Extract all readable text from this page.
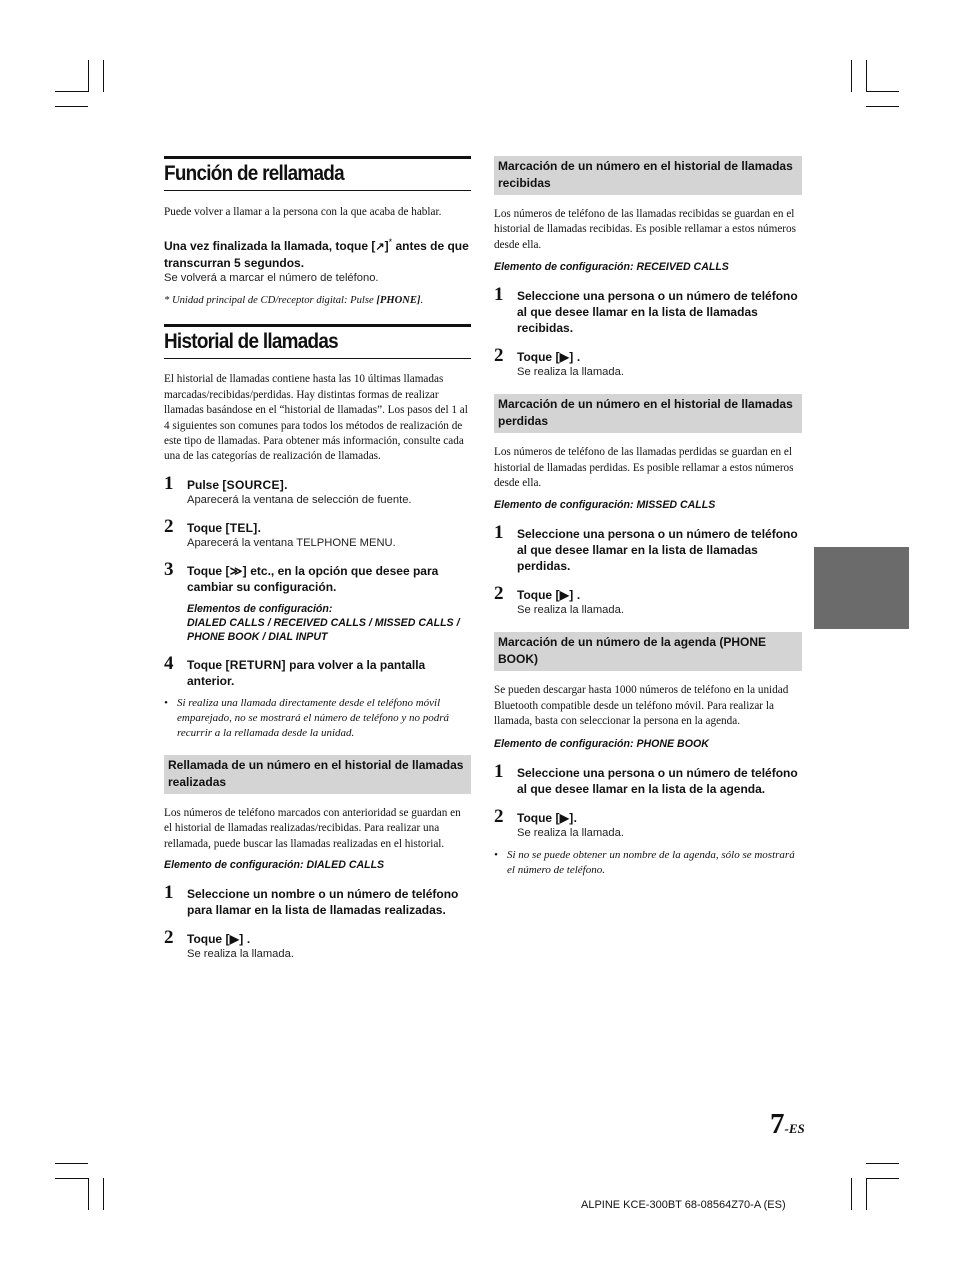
Función de rellamada

Puede volver a llamar a la persona con la que acaba de hablar.

Una vez finalizada la llamada, toque [↗]* antes de que transcurran 5 segundos.
Se volverá a marcar el número de teléfono.
* Unidad principal de CD/receptor digital: Pulse [PHONE].
Historial de llamadas

El historial de llamadas contiene hasta las 10 últimas llamadas marcadas/recibidas/perdidas. Hay distintas formas de realizar llamadas basándose en el “historial de llamadas”. Los pasos del 1 al 4 siguientes son comunes para todos los métodos de realización de este tipo de llamadas. Para obtener más información, consulte cada una de las categorías de realización de llamadas.

1 Pulse [SOURCE].
Aparecerá la ventana de selección de fuente.
2 Toque [TEL].
Aparecerá la ventana TELPHONE MENU.
3 Toque [≫] etc., en la opción que desee para cambiar su configuración.
Elementos de configuración:
DIALED CALLS / RECEIVED CALLS / MISSED CALLS / PHONE BOOK / DIAL INPUT
4 Toque [RETURN] para volver a la pantalla anterior.
• Si realiza una llamada directamente desde el teléfono móvil emparejado, no se mostrará el número de teléfono y no podrá recurrir a la rellamada desde la unidad.
Rellamada de un número en el historial de llamadas realizadas

Los números de teléfono marcados con anterioridad se guardan en el historial de llamadas realizadas/recibidas. Para realizar una rellamada, puede buscar las llamadas realizadas en el historial.

Elemento de configuración: DIALED CALLS
1 Seleccione un nombre o un número de teléfono para llamar en la lista de llamadas realizadas.
2 Toque [▶] .
Se realiza la llamada.
Marcación de un número en el historial de llamadas recibidas

Los números de teléfono de las llamadas recibidas se guardan en el historial de llamadas recibidas. Es posible rellamar a estos números desde ella.

Elemento de configuración: RECEIVED CALLS
1 Seleccione una persona o un número de teléfono al que desee llamar en la lista de llamadas recibidas.
2 Toque [▶] .
Se realiza la llamada.
Marcación de un número en el historial de llamadas perdidas

Los números de teléfono de las llamadas perdidas se guardan en el historial de llamadas perdidas. Es posible rellamar a estos números desde ella.

Elemento de configuración: MISSED CALLS
1 Seleccione una persona o un número de teléfono al que desee llamar en la lista de llamadas perdidas.
2 Toque [▶] .
Se realiza la llamada.
Marcación de un número de la agenda (PHONE BOOK)

Se pueden descargar hasta 1000 números de teléfono en la unidad Bluetooth compatible desde un teléfono móvil. Para realizar la llamada, basta con seleccionar la persona en la agenda.

Elemento de configuración: PHONE BOOK
1 Seleccione una persona o un número de teléfono al que desee llamar en la lista de la agenda.
2 Toque [▶].
Se realiza la llamada.
• Si no se puede obtener un nombre de la agenda, sólo se mostrará el número de teléfono.
7-ES
ALPINE KCE-300BT 68-08564Z70-A (ES)
